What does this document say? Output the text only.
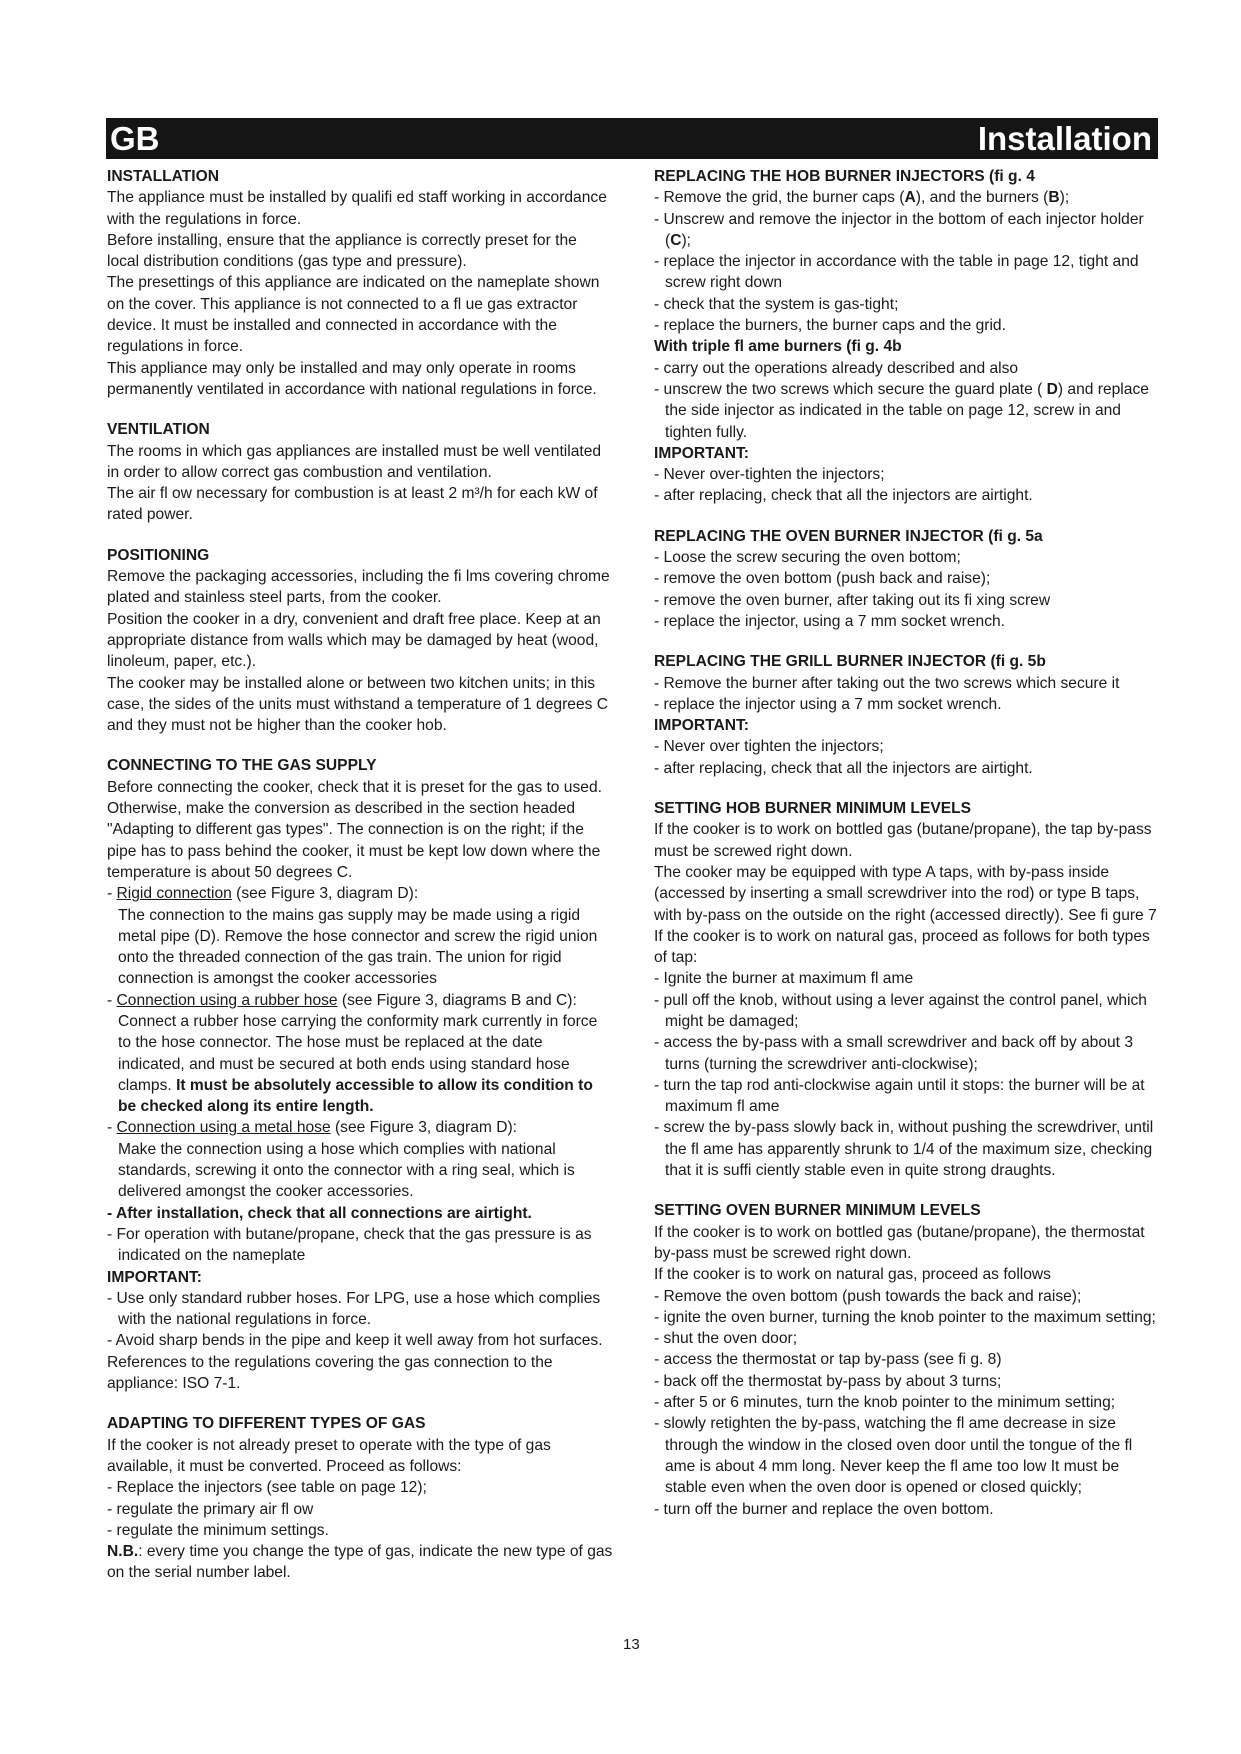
GB	Installation

INSTALLATION

The appliance must be installed by qualifi ed staff working in accordance with the regulations in force.

Before installing, ensure that the appliance is correctly preset for the local distribution conditions (gas type and pressure).

The presettings of this appliance are indicated on the nameplate shown on the cover. This appliance is not connected to a fl ue gas extractor device. It must be installed and connected in accordance with the regulations in force.

This appliance may only be installed and may only operate in rooms permanently ventilated in accordance with national regulations in force.

VENTILATION

The rooms in which gas appliances are installed must be well ventilated in order to allow correct gas combustion and ventilation.

The air fl ow necessary for combustion is at least 2 m³/h for each kW of rated power.

POSITIONING

Remove the packaging accessories, including the fi lms covering chrome plated and stainless steel parts, from the cooker.

Position the cooker in a dry, convenient and draft free place. Keep at an appropriate distance from walls which may be damaged by heat (wood, linoleum, paper, etc.).

The cooker may be installed alone or between two kitchen units; in this case, the sides of the units must withstand a temperature of 1 degrees C and they must not be higher than the cooker hob.

CONNECTING TO THE GAS SUPPLY

Before connecting the cooker, check that it is preset for the gas to used. Otherwise, make the conversion as described in the section headed "Adapting to different gas types". The connection is on the right; if the pipe has to pass behind the cooker, it must be kept low down where the temperature is about 50 degrees C.

- Rigid connection (see Figure 3, diagram D):

The connection to the mains gas supply may be made using a rigid metal pipe (D). Remove the hose connector and screw the rigid union onto the threaded connection of the gas train. The union for rigid connection is amongst the cooker accessories

- Connection using a rubber hose (see Figure 3, diagrams B and C):

Connect a rubber hose carrying the conformity mark currently in force to the hose connector. The hose must be replaced at the date indicated, and must be secured at both ends using standard hose clamps. It must be absolutely accessible to allow its condition to be checked along its entire length.

- Connection using a metal hose (see Figure 3, diagram D):

Make the connection using a hose which complies with national standards, screwing it onto the connector with a ring seal, which is delivered amongst the cooker accessories.

- After installation, check that all connections are airtight.

- For operation with butane/propane, check that the gas pressure is as indicated on the nameplate

IMPORTANT:

- Use only standard rubber hoses. For LPG, use a hose which complies with the national regulations in force.

- Avoid sharp bends in the pipe and keep it well away from hot surfaces.

References to the regulations covering the gas connection to the appliance: ISO 7-1.

ADAPTING TO DIFFERENT TYPES OF GAS

If the cooker is not already preset to operate with the type of gas available, it must be converted. Proceed as follows:

- Replace the injectors (see table on page 12);

- regulate the primary air fl ow

- regulate the minimum settings.

N.B.: every time you change the type of gas, indicate the new type of gas on the serial number label.

REPLACING THE HOB BURNER INJECTORS (fi g. 4

- Remove the grid, the burner caps (A), and the burners (B);

- Unscrew and remove the injector in the bottom of each injector holder (C);

- replace the injector in accordance with the table in page 12, tight and screw right down

- check that the system is gas-tight;

- replace the burners, the burner caps and the grid.

With triple fl ame burners (fi g. 4b

- carry out the operations already described and also

- unscrew the two screws which secure the guard plate ( D) and replace the side injector as indicated in the table on page 12, screw in and tighten fully.

IMPORTANT:

- Never over-tighten the injectors;

- after replacing, check that all the injectors are airtight.

REPLACING THE OVEN BURNER INJECTOR (fi g. 5a

- Loose the screw securing the oven bottom;

- remove the oven bottom (push back and raise);

- remove the oven burner, after taking out its fi xing screw

- replace the injector, using a 7 mm socket wrench.

REPLACING THE GRILL BURNER INJECTOR (fi g. 5b

- Remove the burner after taking out the two screws which secure it

- replace the injector using a 7 mm socket wrench.

IMPORTANT:

- Never over tighten the injectors;

- after replacing, check that all the injectors are airtight.

SETTING HOB BURNER MINIMUM LEVELS

If the cooker is to work on bottled gas (butane/propane), the tap by-pass must be screwed right down.

The cooker may be equipped with type A taps, with by-pass inside (accessed by inserting a small screwdriver into the rod) or type B taps, with by-pass on the outside on the right (accessed directly). See fi gure 7

If the cooker is to work on natural gas, proceed as follows for both types of tap:

- Ignite the burner at maximum fl ame

- pull off the knob, without using a lever against the control panel, which might be damaged;

- access the by-pass with a small screwdriver and back off by about 3 turns (turning the screwdriver anti-clockwise);

- turn the tap rod anti-clockwise again until it stops: the burner will be at maximum fl ame

- screw the by-pass slowly back in, without pushing the screwdriver, until the fl ame has apparently shrunk to 1/4 of the maximum size, checking that it is suffi ciently stable even in quite strong draughts.

SETTING OVEN BURNER MINIMUM LEVELS

If the cooker is to work on bottled gas (butane/propane), the thermostat by-pass must be screwed right down.

If the cooker is to work on natural gas, proceed as follows

- Remove the oven bottom (push towards the back and raise);

- ignite the oven burner, turning the knob pointer to the maximum setting;

- shut the oven door;

- access the thermostat or tap by-pass (see fi g. 8)

- back off the thermostat by-pass by about 3 turns;

- after 5 or 6 minutes, turn the knob pointer to the minimum setting;

- slowly retighten the by-pass, watching the fl ame decrease in size through the window in the closed oven door until the tongue of the fl ame is about 4 mm long. Never keep the fl ame too low It must be stable even when the oven door is opened or closed quickly;

- turn off the burner and replace the oven bottom.

13
